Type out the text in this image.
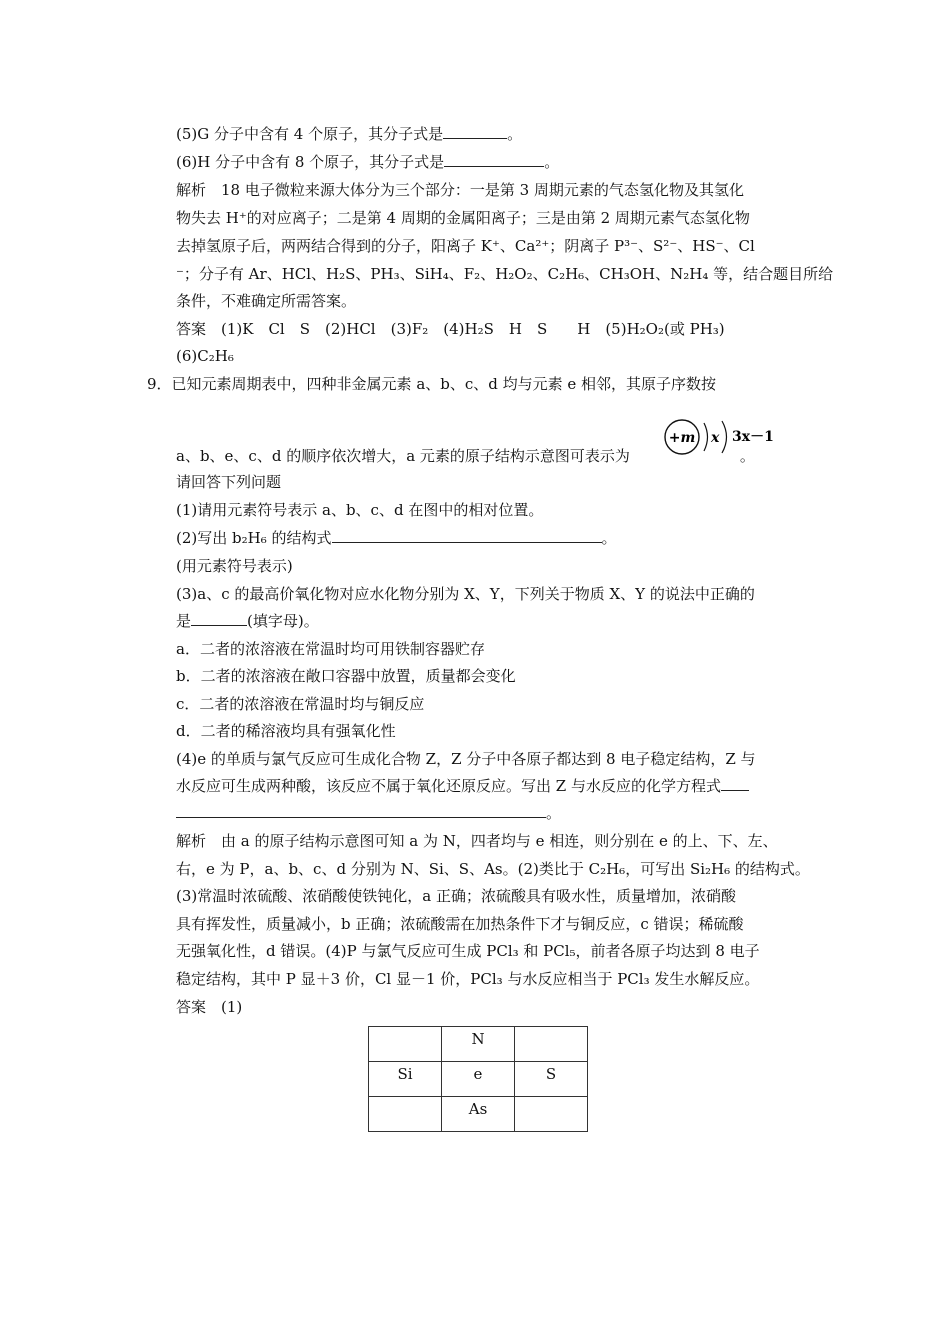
(5)G 分子中含有 4 个原子，其分子式是	。
(6)H 分子中含有 8 个原子，其分子式是	。
解析　18 电子微粒来源大体分为三个部分：一是第 3 周期元素的气态氢化物及其氢化
物失去 H⁺的对应离子；二是第 4 周期的金属阳离子；三是由第 2 周期元素气态氢化物
去掉氢原子后，两两结合得到的分子，阳离子 K⁺、Ca²⁺；阴离子 P³⁻、S²⁻、HS⁻、Cl
⁻；分子有 Ar、HCl、H₂S、PH₃、SiH₄、F₂、H₂O₂、C₂H₆、CH₃OH、N₂H₄ 等，结合题目所给
条件，不难确定所需答案。
答案　(1)K　Cl　S　(2)HCl　(3)F₂　(4)H₂S　H　S　　H　(5)H₂O₂(或 PH₃)
(6)C₂H₆
9．已知元素周期表中，四种非金属元素 a、b、c、d 均与元素 e 相邻，其原子序数按
a、b、e、c、d 的顺序依次增大，a 元素的原子结构示意图可表示为	。
+m x 3x－1
请回答下列问题
(1)请用元素符号表示 a、b、c、d 在图中的相对位置。
(2)写出 b₂H₆ 的结构式	。
(用元素符号表示)
(3)a、c 的最高价氧化物对应水化物分别为 X、Y，下列关于物质 X、Y 的说法中正确的
是	(填字母)。
a．二者的浓溶液在常温时均可用铁制容器贮存
b．二者的浓溶液在敞口容器中放置，质量都会变化
c．二者的浓溶液在常温时均与铜反应
d．二者的稀溶液均具有强氧化性
(4)e 的单质与氯气反应可生成化合物 Z，Z 分子中各原子都达到 8 电子稳定结构，Z 与
水反应可生成两种酸，该反应不属于氧化还原反应。写出 Z 与水反应的化学方程式
。
解析　由 a 的原子结构示意图可知 a 为 N，四者均与 e 相连，则分别在 e 的上、下、左、
右，e 为 P，a、b、c、d 分别为 N、Si、S、As。(2)类比于 C₂H₆，可写出 Si₂H₆ 的结构式。
(3)常温时浓硫酸、浓硝酸使铁钝化，a 正确；浓硫酸具有吸水性，质量增加，浓硝酸
具有挥发性，质量减小，b 正确；浓硫酸需在加热条件下才与铜反应，c 错误；稀硫酸
无强氧化性，d 错误。(4)P 与氯气反应可生成 PCl₃ 和 PCl₅，前者各原子均达到 8 电子
稳定结构，其中 P 显＋3 价，Cl 显－1 价，PCl₃ 与水反应相当于 PCl₃ 发生水解反应。
答案　(1)
	N	
Si	e	S
	As	
